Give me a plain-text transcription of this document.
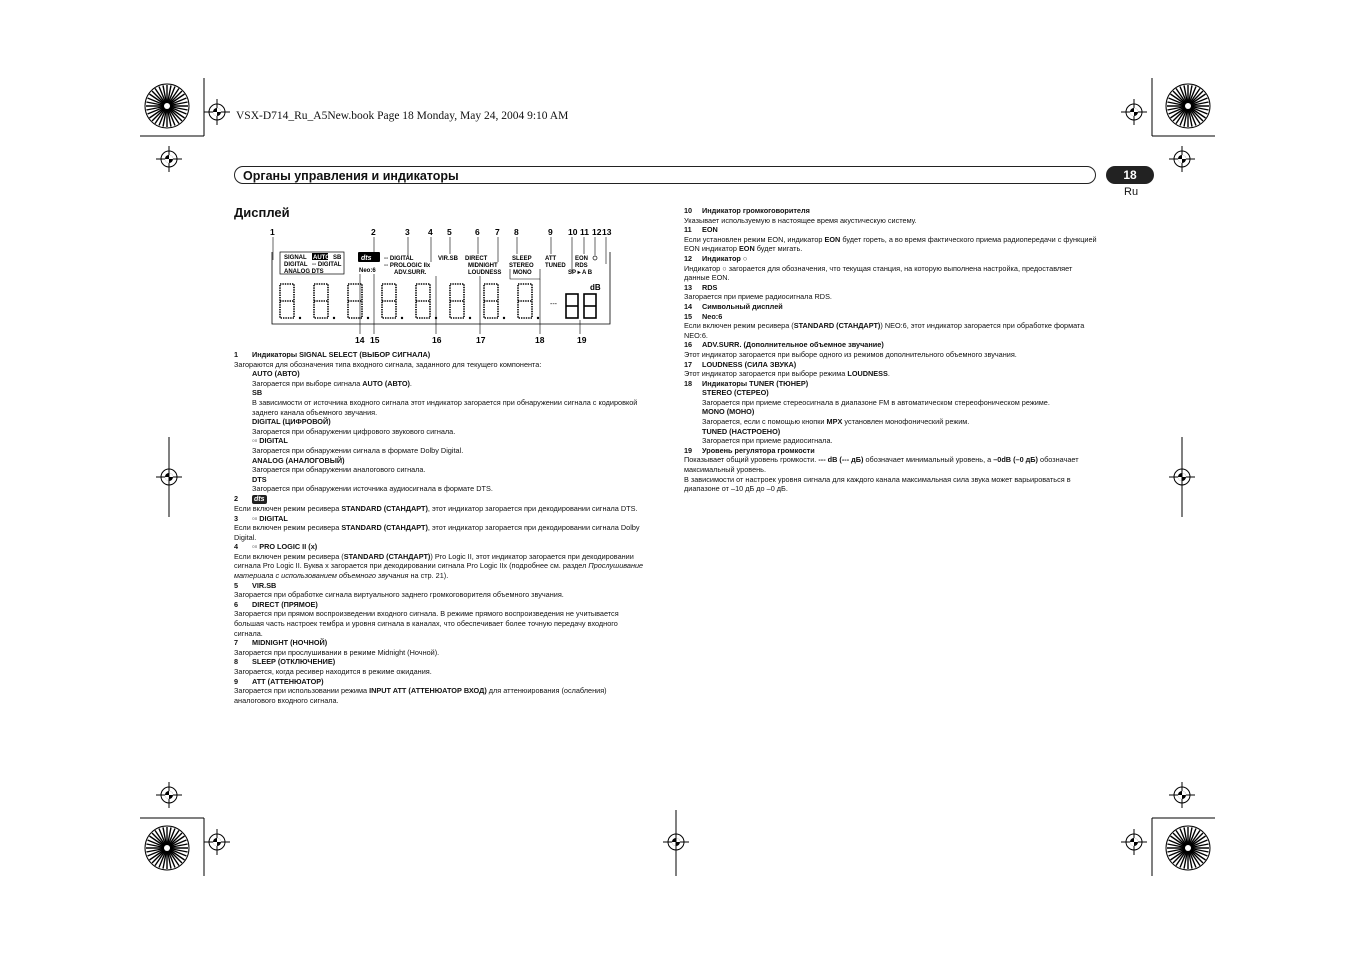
VSX-D714_Ru_A5New.book Page 18 Monday, May 24, 2004 9:10 AM
Органы управления и индикаторы	18
Ru
Дисплей
1	2	3 4 5	6 7 8	9 10 11 12 13
14 15	16	17	18	19
SIGNAL AUTO SB
DIGITAL ▫▫ DIGITAL
ANALOG DTS
dts
Neo:6
▫▫ DIGITAL
▫▫ PROLOGIC IIx
ADV.SURR.
VIR.SB DIRECT
MIDNIGHT
LOUDNESS
SLEEP
STEREO
MONO
ATT
TUNED
EON
RDS
SP ▸ A B
dB
---
1 Индикаторы SIGNAL SELECT (ВЫБОР СИГНАЛА)
Загораются для обозначения типа входного сигнала, заданного для текущего компонента:
AUTO (АВТО)
Загорается при выборе сигнала AUTO (АВТО).
SB
В зависимости от источника входного сигнала этот индикатор загорается при обнаружении сигнала с кодировкой заднего канала объемного звучания.
DIGITAL (ЦИФРОВОЙ)
Загорается при обнаружении цифрового звукового сигнала.
▫▫ DIGITAL
Загорается при обнаружении сигнала в формате Dolby Digital.
ANALOG (АНАЛОГОВЫЙ)
Загорается при обнаружении аналогового сигнала.
DTS
Загорается при обнаружении источника аудиосигнала в формате DTS.
2 dts
Если включен режим ресивера STANDARD (СТАНДАРТ), этот индикатор загорается при декодировании сигнала DTS.
3 ▫▫ DIGITAL
Если включен режим ресивера STANDARD (СТАНДАРТ), этот индикатор загорается при декодировании сигнала Dolby Digital.
4 ▫▫ PRO LOGIC II (x)
Если включен режим ресивера (STANDARD (СТАНДАРТ)) Pro Logic II, этот индикатор загорается при декодировании сигнала Pro Logic II. Буква x загорается при декодировании сигнала Pro Logic IIx (подробнее см. раздел Прослушивание материала с использованием объемного звучания на стр. 21).
5 VIR.SB
Загорается при обработке сигнала виртуального заднего громкоговорителя объемного звучания.
6 DIRECT (ПРЯМОЕ)
Загорается при прямом воспроизведении входного сигнала. В режиме прямого воспроизведения не учитывается большая часть настроек тембра и уровня сигнала в каналах, что обеспечивает более точную передачу входного сигнала.
7 MIDNIGHT (НОЧНОЙ)
Загорается при прослушивании в режиме Midnight (Ночной).
8 SLEEP (ОТКЛЮЧЕНИЕ)
Загорается, когда ресивер находится в режиме ожидания.
9 ATT (АТТЕНЮАТОР)
Загорается при использовании режима INPUT ATT (АТТЕНЮАТОР ВХОД) для аттенюирования (ослабления) аналогового входного сигнала.
10 Индикатор громкоговорителя
Указывает используемую в настоящее время акустическую систему.
11 EON
Если установлен режим EON, индикатор EON будет гореть, а во время фактического приема радиопередачи с функцией EON индикатор EON будет мигать.
12 Индикатор ○
Индикатор ○ загорается для обозначения, что текущая станция, на которую выполнена настройка, предоставляет данные EON.
13 RDS
Загорается при приеме радиосигнала RDS.
14 Символьный дисплей
15 Neo:6
Если включен режим ресивера (STANDARD (СТАНДАРТ)) NEO:6, этот индикатор загорается при обработке формата NEO:6.
16 ADV.SURR. (Дополнительное объемное звучание)
Этот индикатор загорается при выборе одного из режимов дополнительного объемного звучания.
17 LOUDNESS (СИЛА ЗВУКА)
Этот индикатор загорается при выборе режима LOUDNESS.
18 Индикаторы TUNER (ТЮНЕР)
STEREO (СТЕРЕО)
Загорается при приеме стереосигнала в диапазоне FM в автоматическом стереофоническом режиме.
MONO (МОНО)
Загорается, если с помощью кнопки MPX установлен монофонический режим.
TUNED (НАСТРОЕНО)
Загорается при приеме радиосигнала.
19 Уровень регулятора громкости
Показывает общий уровень громкости. --- dB (--- дБ) обозначает минимальный уровень, а –0dB (–0 дБ) обозначает максимальный уровень.
В зависимости от настроек уровня сигнала для каждого канала максимальная сила звука может варьироваться в диапазоне от –10 дБ до –0 дБ.
